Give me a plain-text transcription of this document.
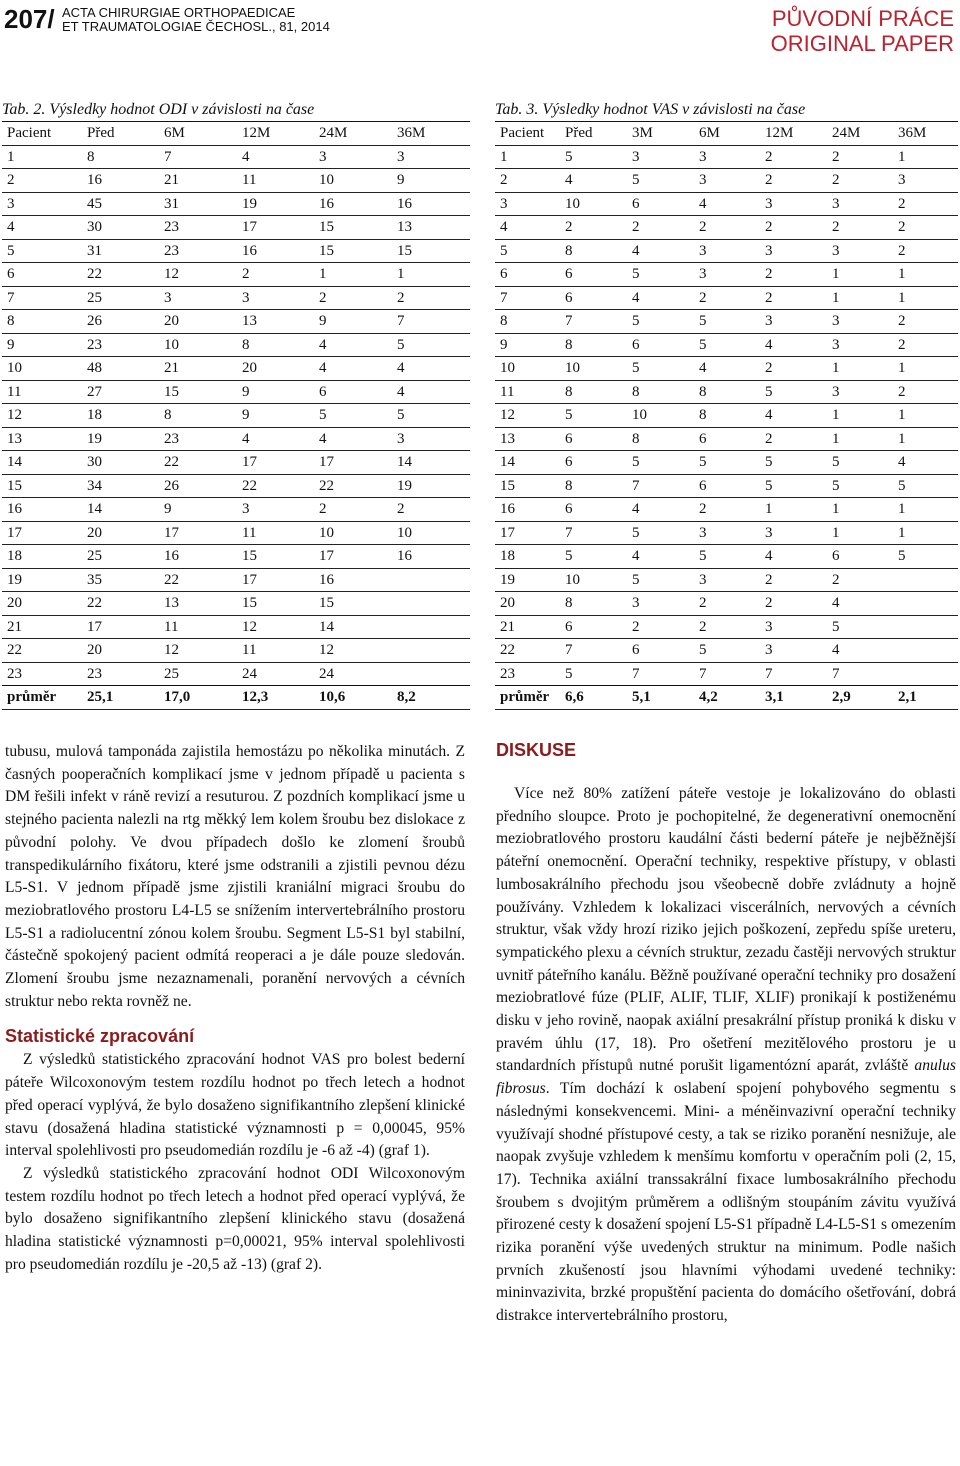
207/ ACTA CHIRURGIAE ORTHOPAEDICAE
ET TRAUMATOLOGIAE ČECHOSL., 81, 2014	PŮVODNÍ PRÁCE
ORIGINAL PAPER
Tab. 2. Výsledky hodnot ODI v závislosti na čase
Pacient	Před	6M	12M	24M	36M
1	8	7	4	3	3
2	16	21	11	10	9
3	45	31	19	16	16
4	30	23	17	15	13
5	31	23	16	15	15
6	22	12	2	1	1
7	25	3	3	2	2
8	26	20	13	9	7
9	23	10	8	4	5
10	48	21	20	4	4
11	27	15	9	6	4
12	18	8	9	5	5
13	19	23	4	4	3
14	30	22	17	17	14
15	34	26	22	22	19
16	14	9	3	2	2
17	20	17	11	10	10
18	25	16	15	17	16
19	35	22	17	16	
20	22	13	15	15	
21	17	11	12	14	
22	20	12	11	12	
23	23	25	24	24	
průměr	25,1	17,0	12,3	10,6	8,2
Tab. 3. Výsledky hodnot VAS v závislosti na čase
Pacient	Před	3M	6M	12M	24M	36M
1	5	3	3	2	2	1
2	4	5	3	2	2	3
3	10	6	4	3	3	2
4	2	2	2	2	2	2
5	8	4	3	3	3	2
6	6	5	3	2	1	1
7	6	4	2	2	1	1
8	7	5	5	3	3	2
9	8	6	5	4	3	2
10	10	5	4	2	1	1
11	8	8	8	5	3	2
12	5	10	8	4	1	1
13	6	8	6	2	1	1
14	6	5	5	5	5	4
15	8	7	6	5	5	5
16	6	4	2	1	1	1
17	7	5	3	3	1	1
18	5	4	5	4	6	5
19	10	5	3	2	2	
20	8	3	2	2	4	
21	6	2	2	3	5	
22	7	6	5	3	4	
23	5	7	7	7	7	
průměr	6,6	5,1	4,2	3,1	2,9	2,1

tubusu, mulová tamponáda zajistila hemostázu po několika minutách. Z časných pooperačních komplikací jsme v jednom případě u pacienta s DM řešili infekt v ráně revizí a resuturou. Z pozdních komplikací jsme u stejného pacienta nalezli na rtg měkký lem kolem šroubu bez dislokace z původní polohy. Ve dvou případech došlo ke zlomení šroubů transpedikulárního fixátoru, které jsme odstranili a zjistili pevnou dézu L5-S1. V jednom případě jsme zjistili kraniální migraci šroubu do meziobratlového prostoru L4-L5 se snížením intervertebrálního prostoru L5-S1 a radiolucentní zónou kolem šroubu. Segment L5-S1 byl stabilní, částečně spokojený pacient odmítá reoperaci a je dále pouze sledován. Zlomení šroubu jsme nezaznamenali, poranění nervových a cévních struktur nebo rekta rovněž ne.

Statistické zpracování

Z výsledků statistického zpracování hodnot VAS pro bolest bederní páteře Wilcoxonovým testem rozdílu hodnot po třech letech a hodnot před operací vyplývá, že bylo dosaženo signifikantního zlepšení klinické stavu (dosažená hladina statistické významnosti p = 0,00045, 95% interval spolehlivosti pro pseudomedián rozdílu je -6 až -4) (graf 1).

Z výsledků statistického zpracování hodnot ODI Wilcoxonovým testem rozdílu hodnot po třech letech a hodnot před operací vyplývá, že bylo dosaženo signifikantního zlepšení klinického stavu (dosažená hladina statistické významnosti p=0,00021, 95% interval spolehlivosti pro pseudomedián rozdílu je -20,5 až -13) (graf 2).

DISKUSE

Více než 80% zatížení páteře vestoje je lokalizováno do oblasti předního sloupce. Proto je pochopitelné, že degenerativní onemocnění meziobratlového prostoru kaudální části bederní páteře je nejběžnější páteřní onemocnění. Operační techniky, respektive přístupy, v oblasti lumbosakrálního přechodu jsou všeobecně dobře zvládnuty a hojně používány. Vzhledem k lokalizaci viscerálních, nervových a cévních struktur, však vždy hrozí riziko jejich poškození, zepředu spíše ureteru, sympatického plexu a cévních struktur, zezadu častěji nervových struktur uvnitř páteřního kanálu. Běžně používané operační techniky pro dosažení meziobratlové fúze (PLIF, ALIF, TLIF, XLIF) pronikají k postiženému disku v jeho rovině, naopak axiální presakrální přístup proniká k disku v pravém úhlu (17, 18). Pro ošetření mezitělového prostoru je u standardních přístupů nutné porušit ligamentózní aparát, zvláště anulus fibrosus. Tím dochází k oslabení spojení pohybového segmentu s následnými konsekvencemi. Mini- a méněinvazivní operační techniky využívají shodné přístupové cesty, a tak se riziko poranění nesnižuje, ale naopak zvyšuje vzhledem k menšímu komfortu v operačním poli (2, 15, 17). Technika axiální transsakrální fixace lumbosakrálního přechodu šroubem s dvojitým průměrem a odlišným stoupáním závitu využívá přirozené cesty k dosažení spojení L5-S1 případně L4-L5-S1 s omezením rizika poranění výše uvedených struktur na minimum. Podle našich prvních zkušeností jsou hlavními výhodami uvedené techniky: mininvazivita, brzké propuštění pacienta do domácího ošetřování, dobrá distrakce intervertebrálního prostoru,
